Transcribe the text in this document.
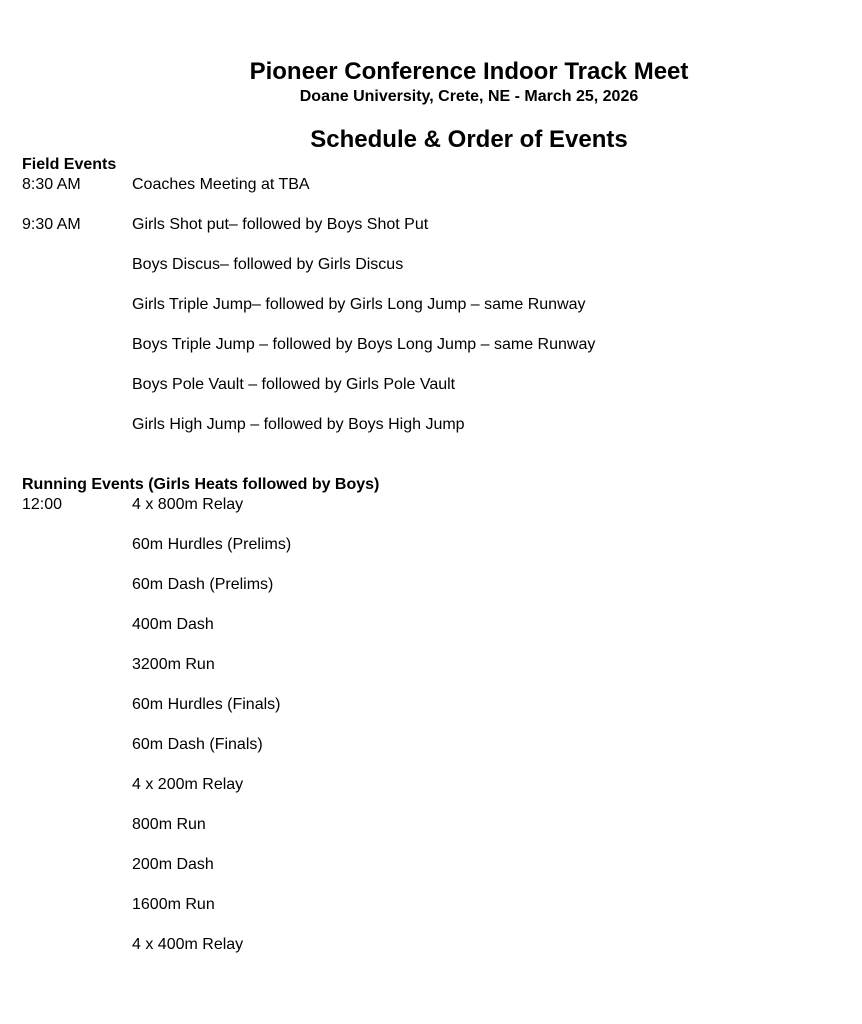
Pioneer Conference Indoor Track Meet
Doane University, Crete, NE - March 25, 2026
Schedule & Order of Events
Field Events
8:30 AM	Coaches Meeting at TBA
9:30 AM	Girls Shot put– followed by Boys Shot Put
Boys Discus– followed by Girls Discus
Girls Triple Jump– followed by Girls Long Jump – same Runway
Boys Triple Jump – followed by Boys Long Jump – same Runway
Boys Pole Vault – followed by Girls Pole Vault
Girls High Jump – followed by Boys High Jump
Running Events (Girls Heats followed by Boys)
12:00	4 x 800m Relay
60m Hurdles (Prelims)
60m Dash (Prelims)
400m Dash
3200m Run
60m Hurdles (Finals)
60m Dash (Finals)
4 x 200m Relay
800m Run
200m Dash
1600m Run
4 x 400m Relay
